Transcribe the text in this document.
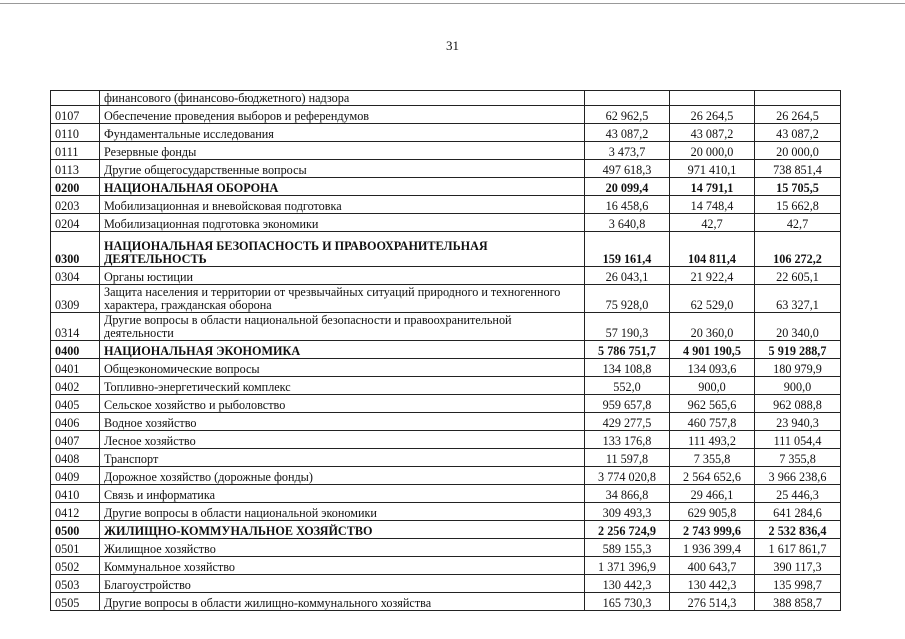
31
	финансового (финансово-бюджетного) надзора			
0107	Обеспечение проведения выборов и референдумов	62 962,5	26 264,5	26 264,5
0110	Фундаментальные исследования	43 087,2	43 087,2	43 087,2
0111	Резервные фонды	3 473,7	20 000,0	20 000,0
0113	Другие общегосударственные вопросы	497 618,3	971 410,1	738 851,4
0200	НАЦИОНАЛЬНАЯ ОБОРОНА	20 099,4	14 791,1	15 705,5
0203	Мобилизационная и вневойсковая подготовка	16 458,6	14 748,4	15 662,8
0204	Мобилизационная подготовка экономики	3 640,8	42,7	42,7
0300	НАЦИОНАЛЬНАЯ БЕЗОПАСНОСТЬ И ПРАВООХРАНИТЕЛЬНАЯ ДЕЯТЕЛЬНОСТЬ	159 161,4	104 811,4	106 272,2
0304	Органы юстиции	26 043,1	21 922,4	22 605,1
0309	Защита населения и территории от чрезвычайных ситуаций природного и техногенного характера, гражданская оборона	75 928,0	62 529,0	63 327,1
0314	Другие вопросы в области национальной безопасности и правоохранительной деятельности	57 190,3	20 360,0	20 340,0
0400	НАЦИОНАЛЬНАЯ ЭКОНОМИКА	5 786 751,7	4 901 190,5	5 919 288,7
0401	Общеэкономические вопросы	134 108,8	134 093,6	180 979,9
0402	Топливно-энергетический комплекс	552,0	900,0	900,0
0405	Сельское хозяйство и рыболовство	959 657,8	962 565,6	962 088,8
0406	Водное хозяйство	429 277,5	460 757,8	23 940,3
0407	Лесное хозяйство	133 176,8	111 493,2	111 054,4
0408	Транспорт	11 597,8	7 355,8	7 355,8
0409	Дорожное хозяйство (дорожные фонды)	3 774 020,8	2 564 652,6	3 966 238,6
0410	Связь и информатика	34 866,8	29 466,1	25 446,3
0412	Другие вопросы в области национальной экономики	309 493,3	629 905,8	641 284,6
0500	ЖИЛИЩНО-КОММУНАЛЬНОЕ ХОЗЯЙСТВО	2 256 724,9	2 743 999,6	2 532 836,4
0501	Жилищное хозяйство	589 155,3	1 936 399,4	1 617 861,7
0502	Коммунальное хозяйство	1 371 396,9	400 643,7	390 117,3
0503	Благоустройство	130 442,3	130 442,3	135 998,7
0505	Другие вопросы в области жилищно-коммунального хозяйства	165 730,3	276 514,3	388 858,7
